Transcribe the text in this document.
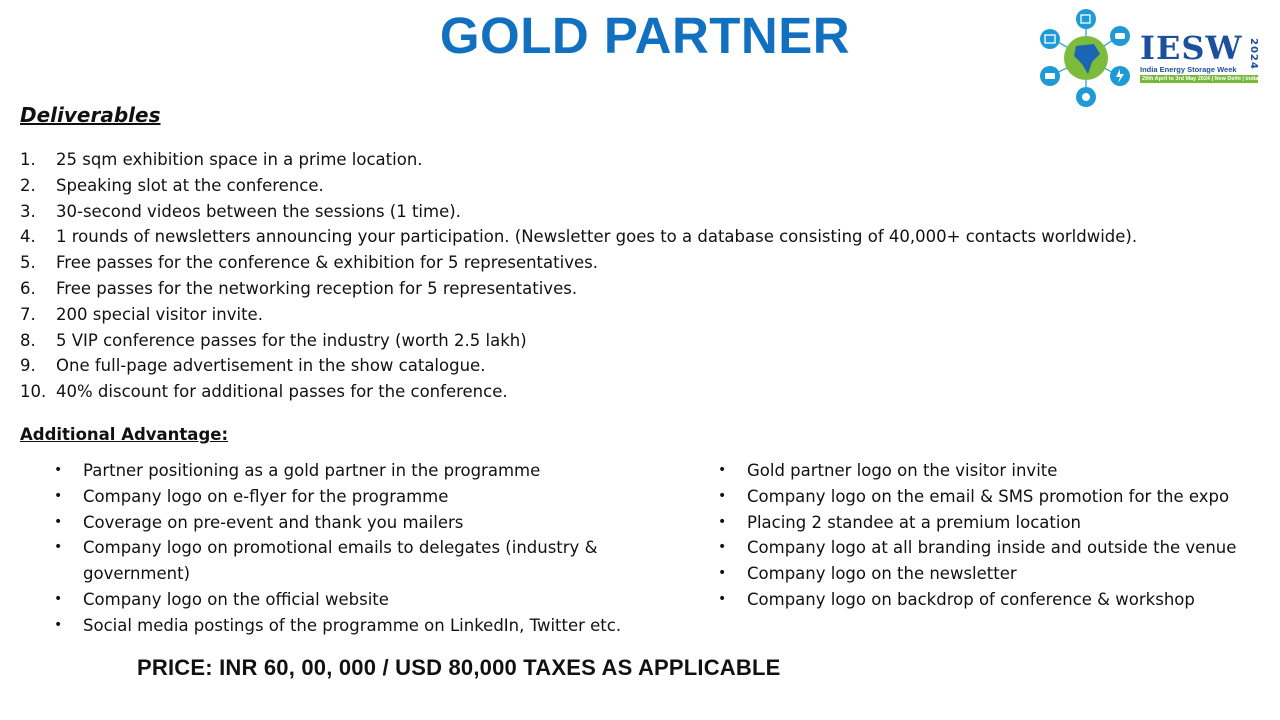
GOLD PARTNER	2024
IESW
India Energy Storage Week
29th April to 3rd May 2024 | New Delhi | India
Deliverables
1. 25 sqm exhibition space in a prime location.
2. Speaking slot at the conference.
3. 30-second videos between the sessions (1 time).
4. 1 rounds of newsletters announcing your participation. (Newsletter goes to a database consisting of 40,000+ contacts worldwide).
5. Free passes for the conference & exhibition for 5 representatives.
6. Free passes for the networking reception for 5 representatives.
7. 200 special visitor invite.
8. 5 VIP conference passes for the industry (worth 2.5 lakh)
9. One full-page advertisement in the show catalogue.
10. 40% discount for additional passes for the conference.
Additional Advantage:
• Partner positioning as a gold partner in the programme
• Company logo on e-flyer for the programme
• Coverage on pre-event and thank you mailers
• Company logo on promotional emails to delegates (industry & government)
• Company logo on the official website
• Social media postings of the programme on LinkedIn, Twitter etc.
• Gold partner logo on the visitor invite
• Company logo on the email & SMS promotion for the expo
• Placing 2 standee at a premium location
• Company logo at all branding inside and outside the venue
• Company logo on the newsletter
• Company logo on backdrop of conference & workshop
PRICE: INR 60, 00, 000 / USD 80,000 TAXES AS APPLICABLE
